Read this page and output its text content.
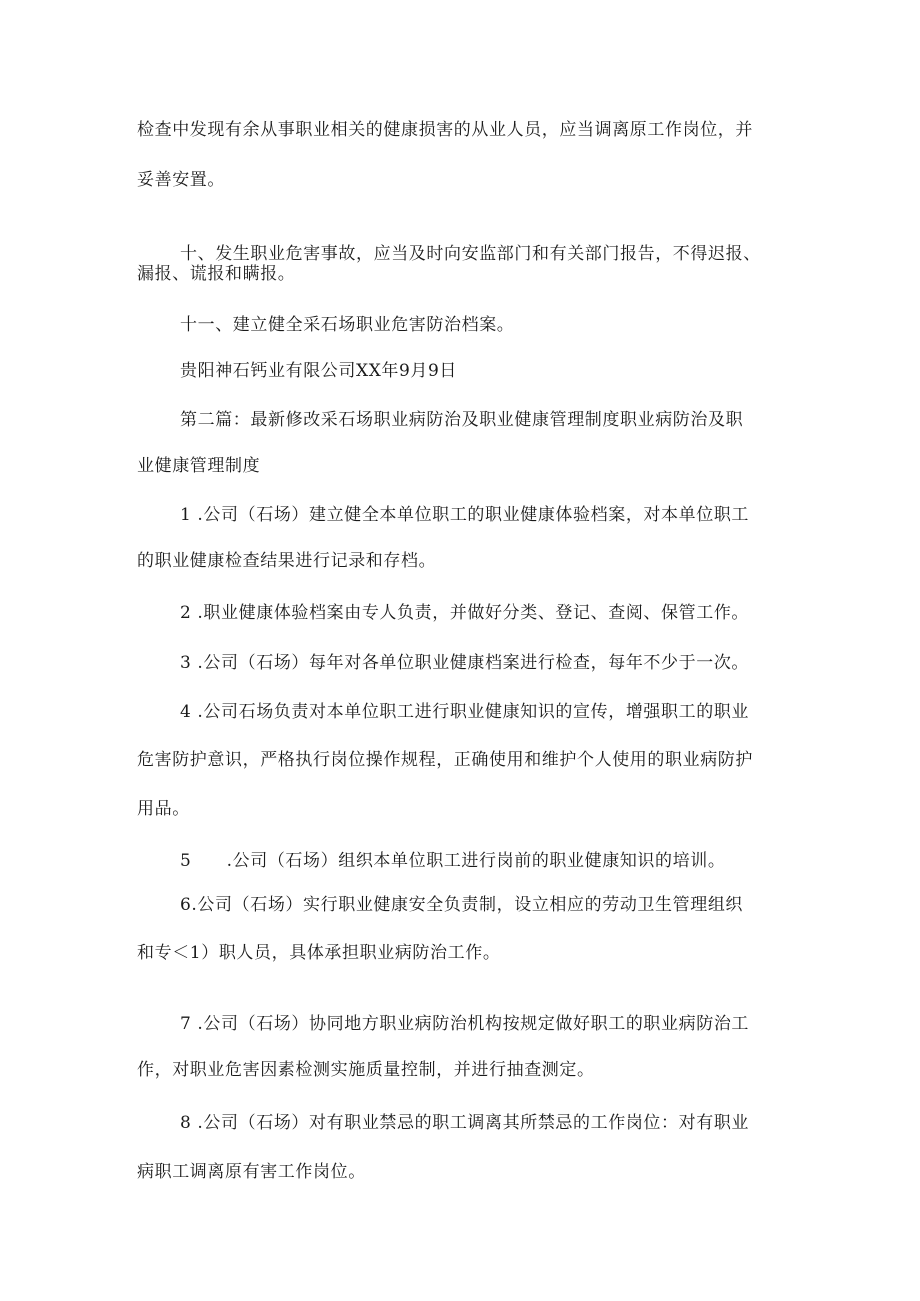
检查中发现有余从事职业相关的健康损害的从业人员，应当调离原工作岗位，并
妥善安置。
十、发生职业危害事故，应当及时向安监部门和有关部门报告，不得迟报、
漏报、谎报和瞒报。
十一、建立健全采石场职业危害防治档案。
贵阳神石钙业有限公司XX年9月9日
第二篇：最新修改采石场职业病防治及职业健康管理制度职业病防治及职
业健康管理制度
1 .公司（石场）建立健全本单位职工的职业健康体验档案，对本单位职工
的职业健康检查结果进行记录和存档。
2 .职业健康体验档案由专人负责，并做好分类、登记、查阅、保管工作。
3 .公司（石场）每年对各单位职业健康档案进行检查，每年不少于一次。
4 .公司石场负责对本单位职工进行职业健康知识的宣传，增强职工的职业
危害防护意识，严格执行岗位操作规程，正确使用和维护个人使用的职业病防护
用品。
5　　.公司（石场）组织本单位职工进行岗前的职业健康知识的培训。
6.公司（石场）实行职业健康安全负责制，设立相应的劳动卫生管理组织
和专＜1）职人员，具体承担职业病防治工作。
7 .公司（石场）协同地方职业病防治机构按规定做好职工的职业病防治工
作，对职业危害因素检测实施质量控制，并进行抽查测定。
8 .公司（石场）对有职业禁忌的职工调离其所禁忌的工作岗位：对有职业
病职工调离原有害工作岗位。
